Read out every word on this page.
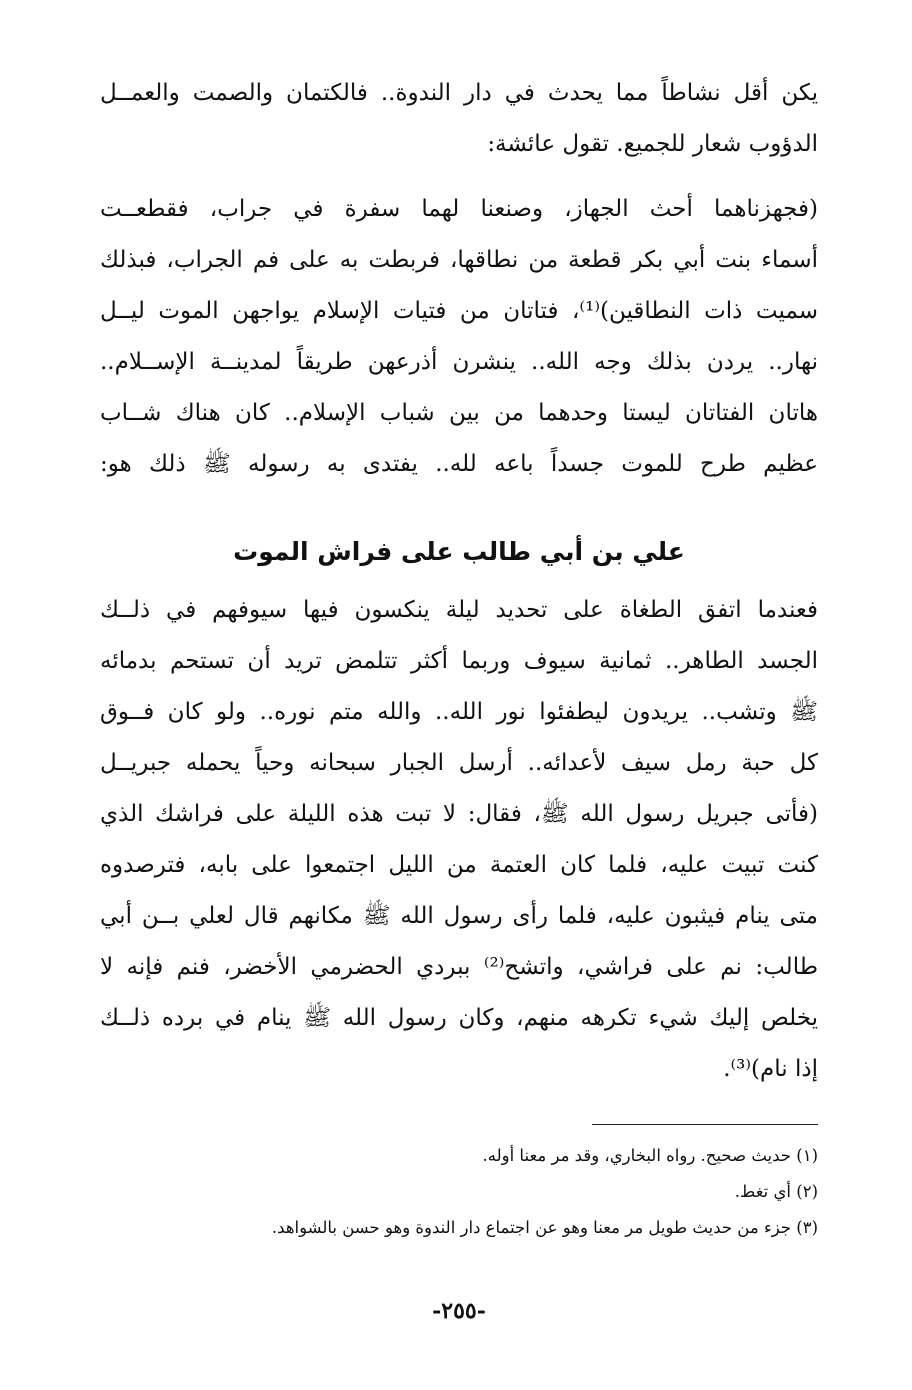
يكن أقل نشاطاً مما يحدث في دار الندوة.. فالكتمان والصمت والعمــل
الدؤوب شعار للجميع. تقول عائشة:
(فجهزناهما أحث الجهاز، وصنعنا لهما سفرة في جراب، فقطعــت
أسماء بنت أبي بكر قطعة من نطاقها، فربطت به على فم الجراب، فبذلك
سميت ذات النطاقين)⁽¹⁾، فتاتان من فتيات الإسلام يواجهن الموت ليــل
نهار.. يردن بذلك وجه الله.. ينشرن أذرعهن طريقاً لمدينــة الإســلام..
هاتان الفتاتان ليستا وحدهما من بين شباب الإسلام.. كان هناك شــاب
عظيم طرح للموت جسداً باعه لله.. يفتدى به رسوله ﷺ ذلك هو:
علي بن أبي طالب على فراش الموت
فعندما اتفق الطغاة على تحديد ليلة ينكسون فيها سيوفهم في ذلــك
الجسد الطاهر.. ثمانية سيوف وربما أكثر تتلمض تريد أن تستحم بدمائه
ﷺ وتشب.. يريدون ليطفئوا نور الله.. والله متم نوره.. ولو كان فــوق
كل حبة رمل سيف لأعدائه.. أرسل الجبار سبحانه وحياً يحمله جبريــل
(فأتى جبريل رسول الله ﷺ، فقال: لا تبت هذه الليلة على فراشك الذي
كنت تبيت عليه، فلما كان العتمة من الليل اجتمعوا على بابه، فترصدوه
متى ينام فيثبون عليه، فلما رأى رسول الله ﷺ مكانهم قال لعلي بــن أبي
طالب: نم على فراشي، واتشح⁽²⁾ ببردي الحضرمي الأخضر، فنم فإنه لا
يخلص إليك شيء تكرهه منهم، وكان رسول الله ﷺ ينام في برده ذلــك
إذا نام)⁽³⁾.
(١) حديث صحيح. رواه البخاري، وقد مر معنا أوله.
(٢) أي تغط.
(٣) جزء من حديث طويل مر معنا وهو عن اجتماع دار الندوة وهو حسن بالشواهد.
-٢٥٥-
